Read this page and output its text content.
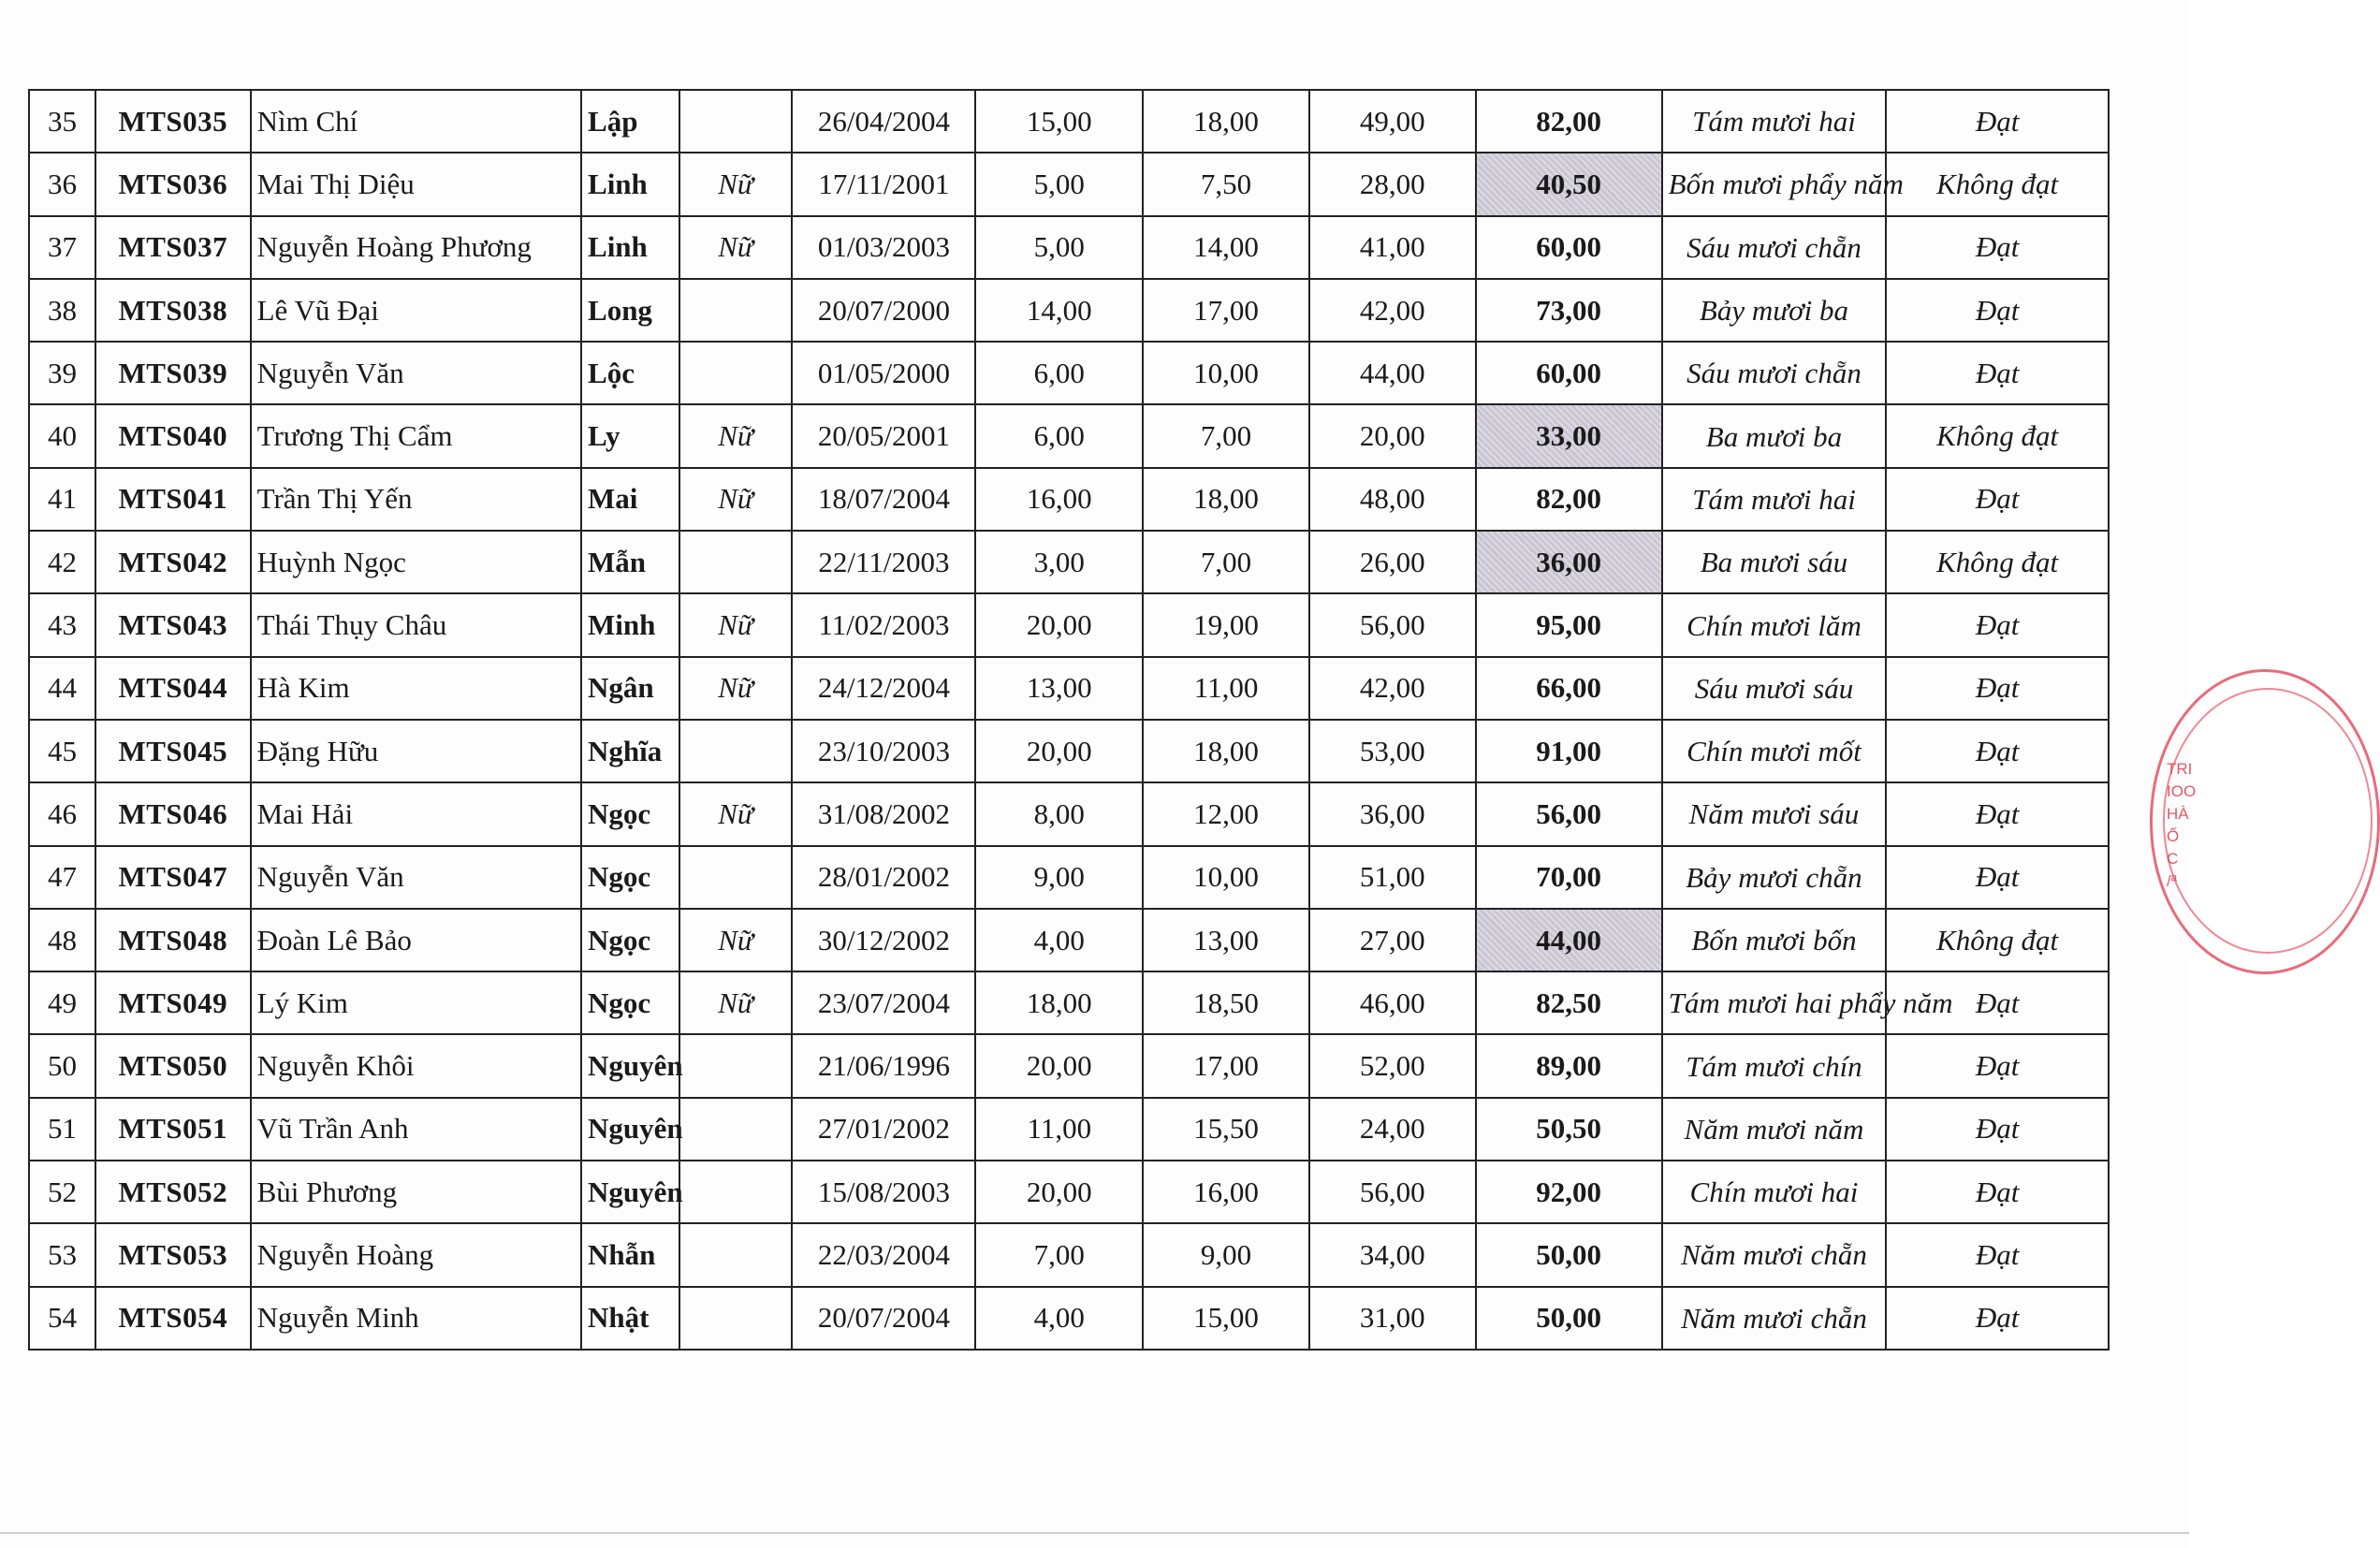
35	MTS035	Nìm Chí	Lập		26/04/2004	15,00	18,00	49,00	82,00	Tám mươi hai	Đạt
36	MTS036	Mai Thị Diệu	Linh	Nữ	17/11/2001	5,00	7,50	28,00	40,50	Bốn mươi phẩy năm	Không đạt
37	MTS037	Nguyễn Hoàng Phương	Linh	Nữ	01/03/2003	5,00	14,00	41,00	60,00	Sáu mươi chẵn	Đạt
38	MTS038	Lê Vũ Đại	Long		20/07/2000	14,00	17,00	42,00	73,00	Bảy mươi ba	Đạt
39	MTS039	Nguyễn Văn	Lộc		01/05/2000	6,00	10,00	44,00	60,00	Sáu mươi chẵn	Đạt
40	MTS040	Trương Thị Cẩm	Ly	Nữ	20/05/2001	6,00	7,00	20,00	33,00	Ba mươi ba	Không đạt
41	MTS041	Trần Thị Yến	Mai	Nữ	18/07/2004	16,00	18,00	48,00	82,00	Tám mươi hai	Đạt
42	MTS042	Huỳnh Ngọc	Mẫn		22/11/2003	3,00	7,00	26,00	36,00	Ba mươi sáu	Không đạt
43	MTS043	Thái Thụy Châu	Minh	Nữ	11/02/2003	20,00	19,00	56,00	95,00	Chín mươi lăm	Đạt
44	MTS044	Hà Kim	Ngân	Nữ	24/12/2004	13,00	11,00	42,00	66,00	Sáu mươi sáu	Đạt
45	MTS045	Đặng Hữu	Nghĩa		23/10/2003	20,00	18,00	53,00	91,00	Chín mươi mốt	Đạt
46	MTS046	Mai Hải	Ngọc	Nữ	31/08/2002	8,00	12,00	36,00	56,00	Năm mươi sáu	Đạt
47	MTS047	Nguyễn Văn	Ngọc		28/01/2002	9,00	10,00	51,00	70,00	Bảy mươi chẵn	Đạt
48	MTS048	Đoàn Lê Bảo	Ngọc	Nữ	30/12/2002	4,00	13,00	27,00	44,00	Bốn mươi bốn	Không đạt
49	MTS049	Lý Kim	Ngọc	Nữ	23/07/2004	18,00	18,50	46,00	82,50	Tám mươi hai phẩy năm	Đạt
50	MTS050	Nguyễn Khôi	Nguyên		21/06/1996	20,00	17,00	52,00	89,00	Tám mươi chín	Đạt
51	MTS051	Vũ Trần Anh	Nguyên		27/01/2002	11,00	15,50	24,00	50,50	Năm mươi năm	Đạt
52	MTS052	Bùi Phương	Nguyên		15/08/2003	20,00	16,00	56,00	92,00	Chín mươi hai	Đạt
53	MTS053	Nguyễn Hoàng	Nhẫn		22/03/2004	7,00	9,00	34,00	50,00	Năm mươi chẵn	Đạt
54	MTS054	Nguyễn Minh	Nhật		20/07/2004	4,00	15,00	31,00	50,00	Năm mươi chẵn	Đạt
TRI
IOO
HÀ
Ố C
/ª
